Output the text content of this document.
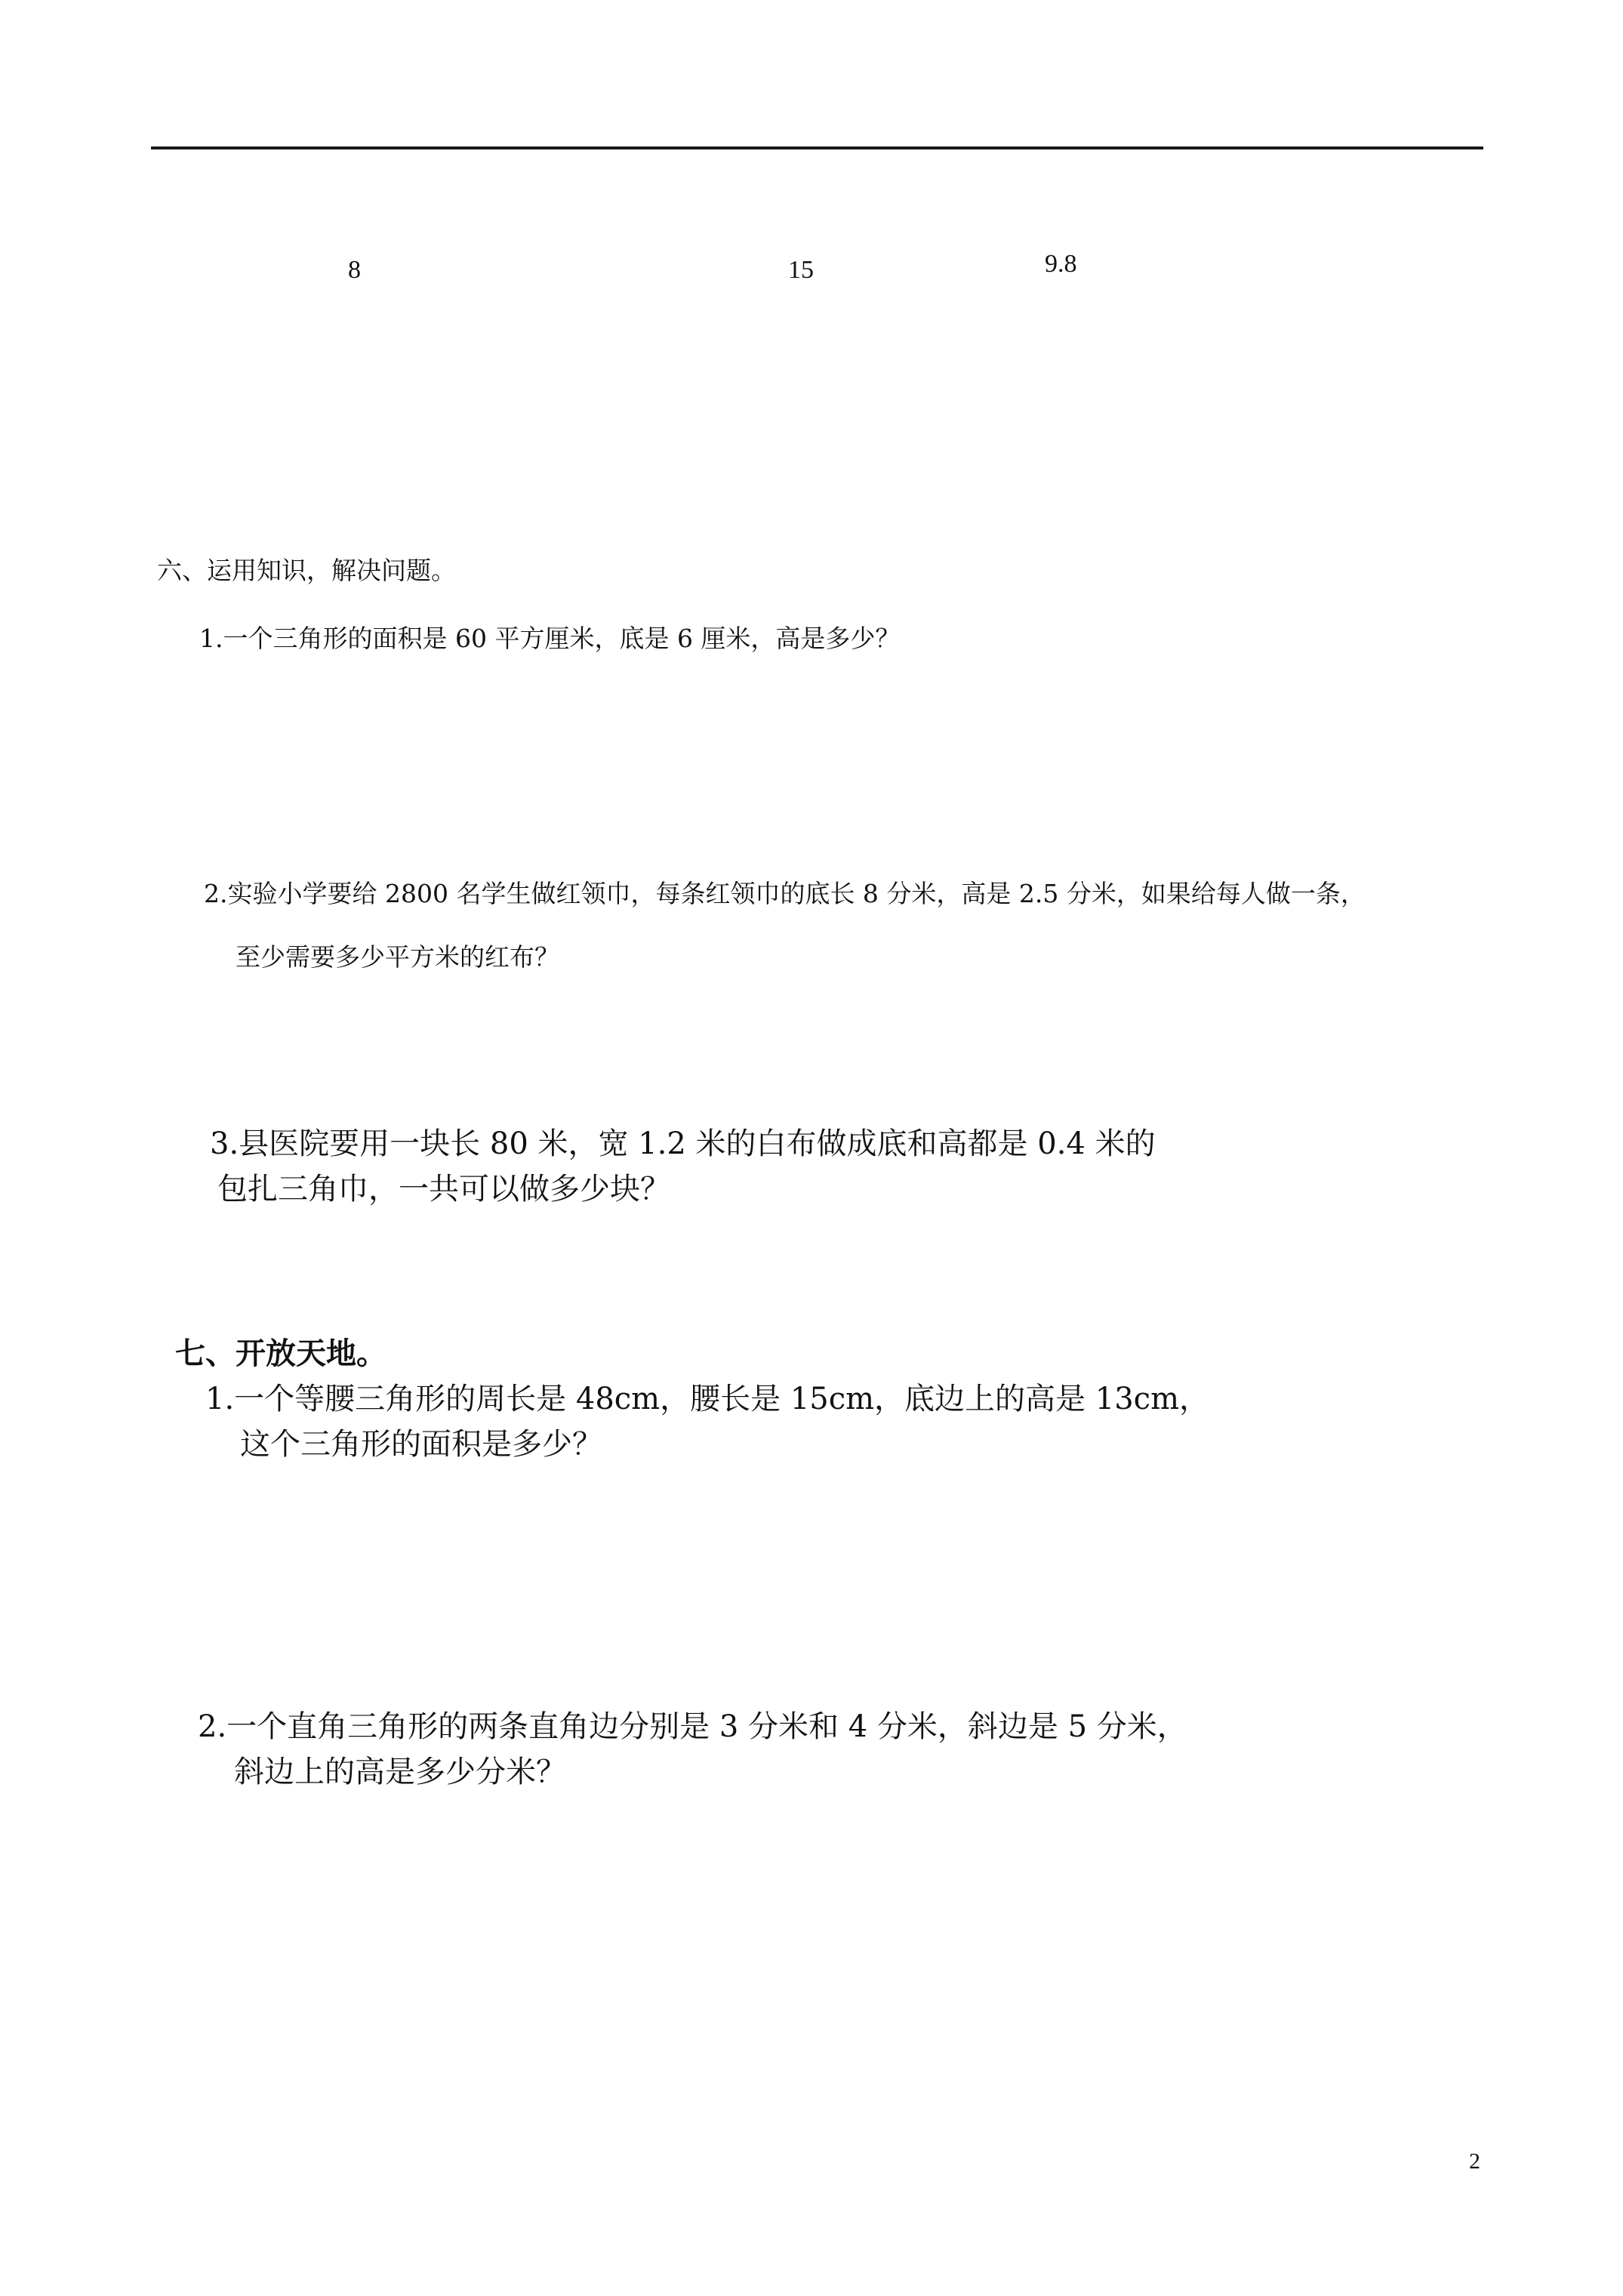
8	15	9.8
六、运用知识，解决问题。
1.一个三角形的面积是 60 平方厘米，底是 6 厘米，高是多少？
2.实验小学要给 2800 名学生做红领巾，每条红领巾的底长 8 分米，高是 2.5 分米，如果给每人做一条，
至少需要多少平方米的红布？
3.县医院要用一块长 80 米，宽 1.2 米的白布做成底和高都是 0.4 米的
包扎三角巾，一共可以做多少块？
七、开放天地。
1.一个等腰三角形的周长是 48cm，腰长是 15cm，底边上的高是 13cm，
这个三角形的面积是多少？
2.一个直角三角形的两条直角边分别是 3 分米和 4 分米，斜边是 5 分米，
斜边上的高是多少分米？
2
